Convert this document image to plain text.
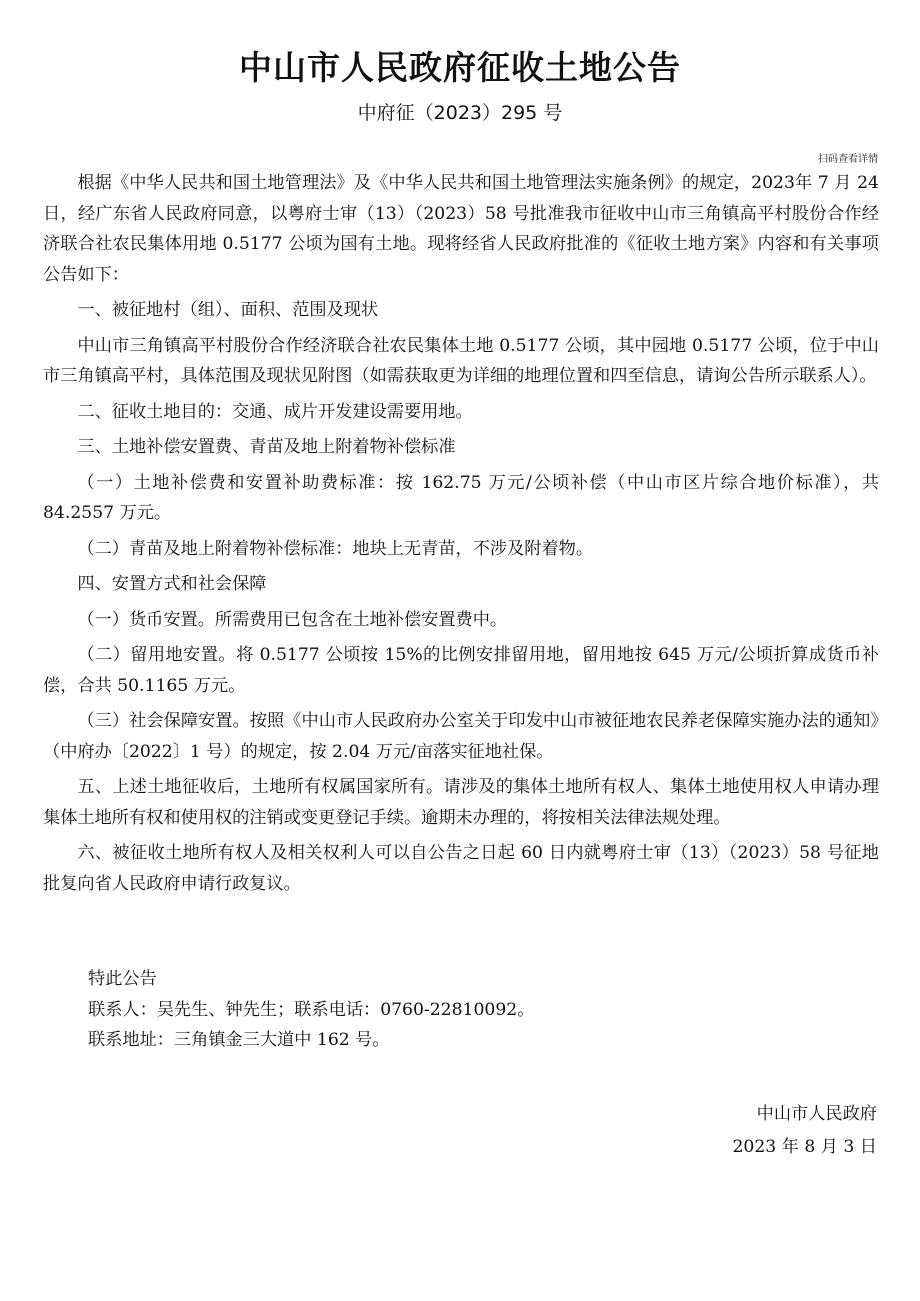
中山市人民政府征收土地公告
中府征（2023）295 号
扫码查看详情

根据《中华人民共和国土地管理法》及《中华人民共和国土地管理法实施条例》的规定，2023年 7 月 24 日，经广东省人民政府同意，以粤府士审（13）（2023）58 号批准我市征收中山市三角镇高平村股份合作经济联合社农民集体用地 0.5177 公顷为国有土地。现将经省人民政府批准的《征收土地方案》内容和有关事项公告如下：

一、被征地村（组）、面积、范围及现状

中山市三角镇高平村股份合作经济联合社农民集体土地 0.5177 公顷，其中园地 0.5177 公顷，位于中山市三角镇高平村，具体范围及现状见附图（如需获取更为详细的地理位置和四至信息，请询公告所示联系人）。

二、征收土地目的：交通、成片开发建设需要用地。

三、土地补偿安置费、青苗及地上附着物补偿标准

（一）土地补偿费和安置补助费标准：按 162.75 万元/公顷补偿（中山市区片综合地价标准），共 84.2557 万元。

（二）青苗及地上附着物补偿标准：地块上无青苗，不涉及附着物。

四、安置方式和社会保障

（一）货币安置。所需费用已包含在土地补偿安置费中。

（二）留用地安置。将 0.5177 公顷按 15%的比例安排留用地，留用地按 645 万元/公顷折算成货币补偿，合共 50.1165 万元。

（三）社会保障安置。按照《中山市人民政府办公室关于印发中山市被征地农民养老保障实施办法的通知》（中府办〔2022〕1 号）的规定，按 2.04 万元/亩落实征地社保。

五、上述土地征收后，土地所有权属国家所有。请涉及的集体土地所有权人、集体土地使用权人申请办理集体土地所有权和使用权的注销或变更登记手续。逾期未办理的，将按相关法律法规处理。

六、被征收土地所有权人及相关权利人可以自公告之日起 60 日内就粤府士审（13）（2023）58 号征地批复向省人民政府申请行政复议。

特此公告
联系人：吴先生、钟先生；联系电话：0760-22810092。
联系地址：三角镇金三大道中 162 号。
中山市人民政府
2023 年 8 月 3 日
